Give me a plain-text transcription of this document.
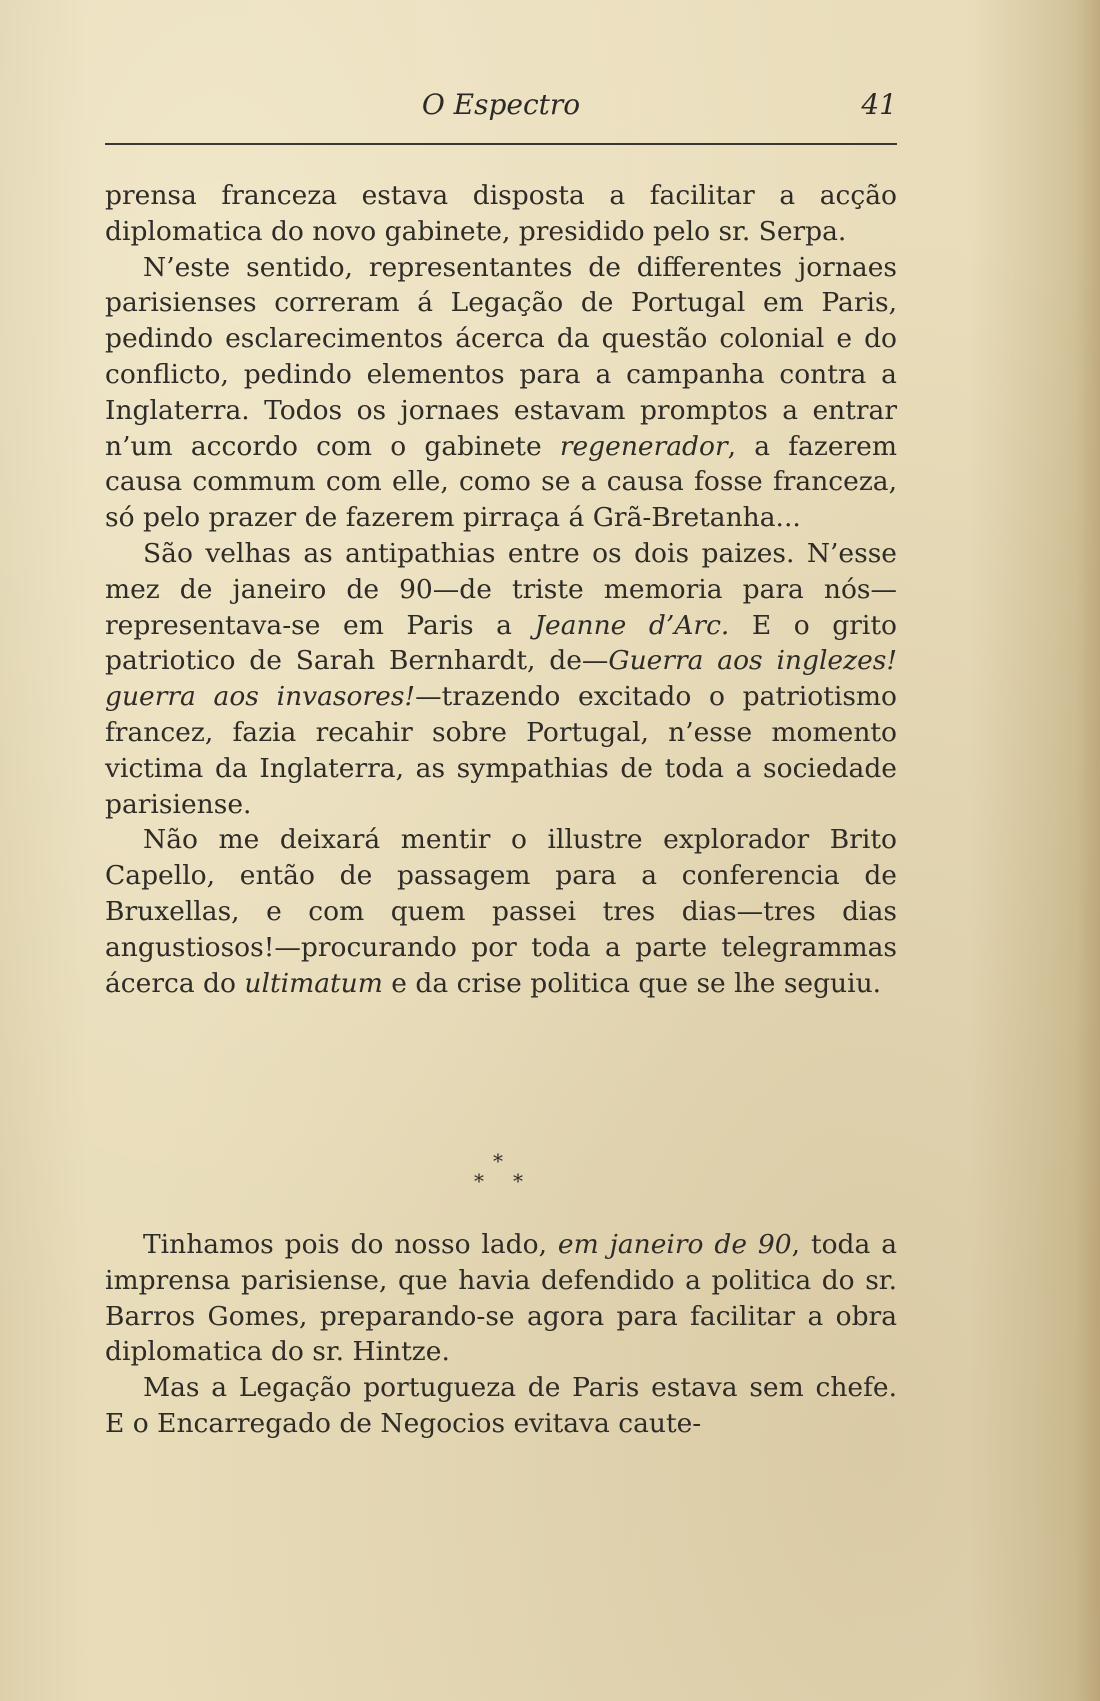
O Espectro	41

prensa franceza estava disposta a facilitar a acção diplomatica do novo gabinete, presidido pelo sr. Serpa.

N’este sentido, representantes de differentes jornaes parisienses correram á Legação de Portugal em Paris, pedindo esclarecimentos ácerca da questão colonial e do conflicto, pedindo elementos para a campanha contra a Inglaterra. Todos os jornaes estavam promptos a entrar n’um accordo com o gabinete regenerador, a fazerem causa commum com elle, como se a causa fosse franceza, só pelo prazer de fazerem pirraça á Grã-Bretanha...

São velhas as antipathias entre os dois paizes. N’esse mez de janeiro de 90—de triste memoria para nós—representava-se em Paris a Jeanne d’Arc. E o grito patriotico de Sarah Bernhardt, de—Guerra aos inglezes! guerra aos invasores!—trazendo excitado o patriotismo francez, fazia recahir sobre Portugal, n’esse momento victima da Inglaterra, as sympathias de toda a sociedade parisiense.

Não me deixará mentir o illustre explorador Brito Capello, então de passagem para a conferencia de Bruxellas, e com quem passei tres dias—tres dias angustiosos!—procurando por toda a parte telegrammas ácerca do ultimatum e da crise politica que se lhe seguiu.

*
* *

Tinhamos pois do nosso lado, em janeiro de 90, toda a imprensa parisiense, que havia defendido a politica do sr. Barros Gomes, preparando-se agora para facilitar a obra diplomatica do sr. Hintze.

Mas a Legação portugueza de Paris estava sem chefe. E o Encarregado de Negocios evitava caute-
